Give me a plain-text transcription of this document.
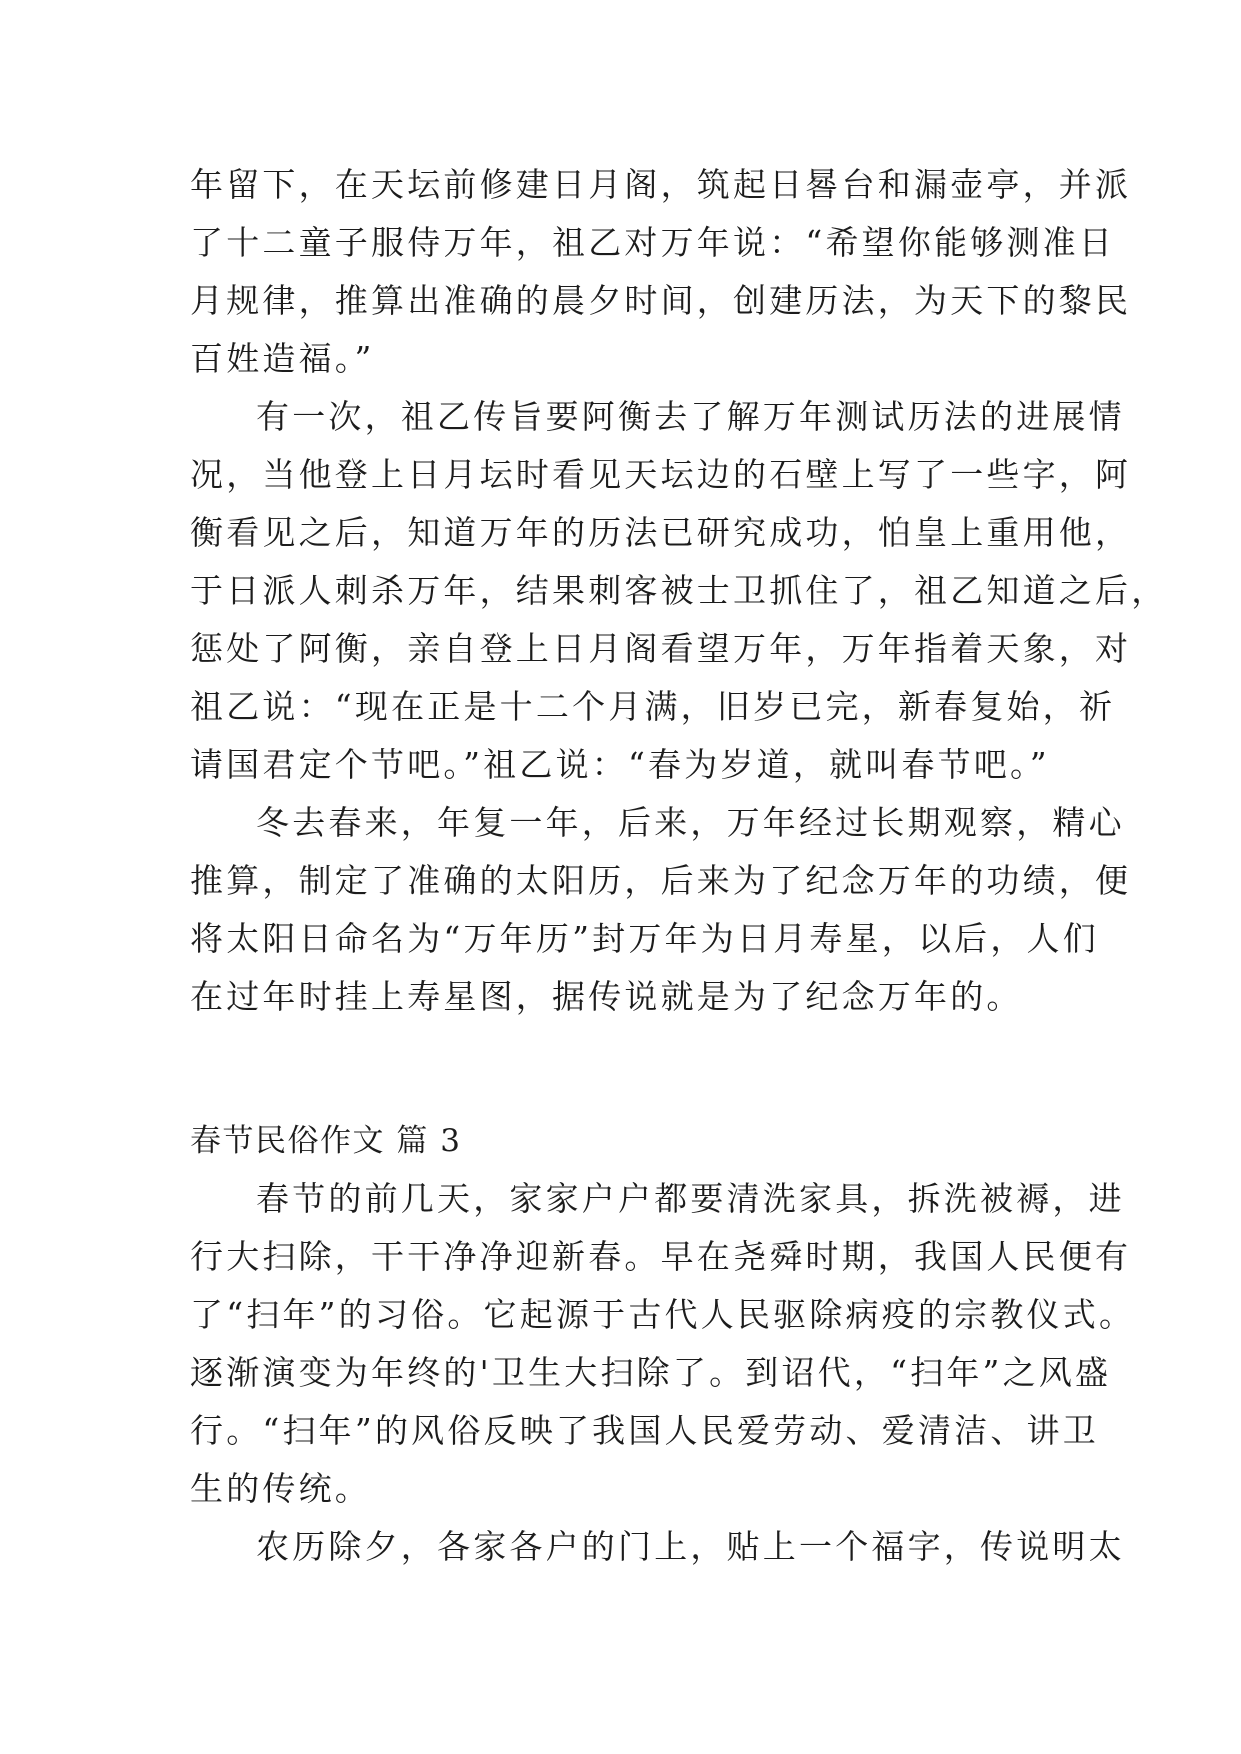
年留下，在天坛前修建日月阁，筑起日晷台和漏壶亭，并派
了十二童子服侍万年，祖乙对万年说：“希望你能够测准日
月规律，推算出准确的晨夕时间，创建历法，为天下的黎民
百姓造福。”
有一次，祖乙传旨要阿衡去了解万年测试历法的进展情
况，当他登上日月坛时看见天坛边的石壁上写了一些字，阿
衡看见之后，知道万年的历法已研究成功，怕皇上重用他，
于日派人刺杀万年，结果刺客被士卫抓住了，祖乙知道之后，
惩处了阿衡，亲自登上日月阁看望万年，万年指着天象，对
祖乙说：“现在正是十二个月满，旧岁已完，新春复始，祈
请国君定个节吧。”祖乙说：“春为岁道，就叫春节吧。”
冬去春来，年复一年，后来，万年经过长期观察，精心
推算，制定了准确的太阳历，后来为了纪念万年的功绩，便
将太阳日命名为“万年历”封万年为日月寿星，以后，人们
在过年时挂上寿星图，据传说就是为了纪念万年的。
春节民俗作文 篇 3
春节的前几天，家家户户都要清洗家具，拆洗被褥，进
行大扫除，干干净净迎新春。早在尧舜时期，我国人民便有
了“扫年”的习俗。它起源于古代人民驱除病疫的宗教仪式。
逐渐演变为年终的'卫生大扫除了。到诏代，“扫年”之风盛
行。“扫年”的风俗反映了我国人民爱劳动、爱清洁、讲卫
生的传统。
农历除夕，各家各户的门上，贴上一个福字，传说明太
